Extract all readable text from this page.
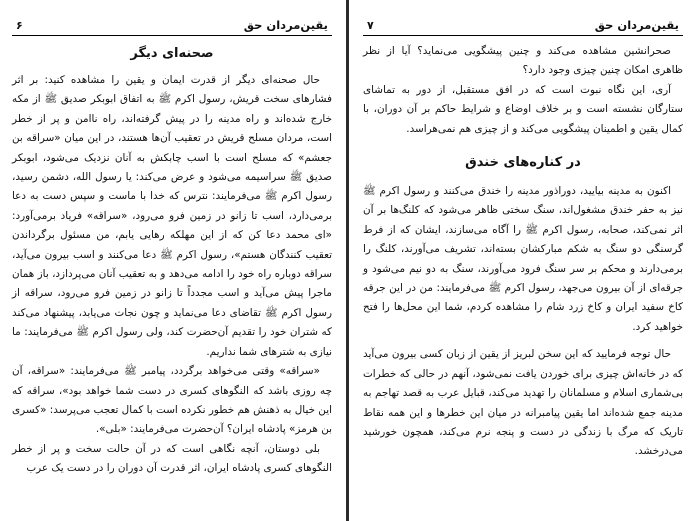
یقین‌مردان حق
۶
صحنه‌ای دیگر

حال صحنه‌ای دیگر از قدرت ایمان و یقین را مشاهده کنید: بر اثر فشارهای سخت قریش، رسول اکرم ﷺ به اتفاق ابوبکر صدیق ﷺ از مکه خارج شده‌اند و راه مدینه را در پیش گرفته‌اند، راه ناامن و پر از خطر است، مردان مسلح قریش در تعقیب آن‌ها هستند، در این میان «سراقه بن جعشم» که مسلح است با اسب چابکش به آنان نزدیک می‌شود، ابوبکر صدیق ﷺ سراسیمه می‌شود و عرض می‌کند: یا رسول الله، دشمن رسید، رسول اکرم ﷺ می‌فرمایند: نترس که خدا با ماست و سپس دست به دعا برمی‌دارد، اسب تا زانو در زمین فرو می‌رود، «سراقه» فریاد برمی‌آورد: «ای محمد دعا کن که از این مهلکه رهایی یابم، من مسئول برگرداندن تعقیب کنندگان هستم»، رسول اکرم ﷺ دعا می‌کنند و اسب بیرون می‌آید، سراقه دوباره راه خود را ادامه می‌دهد و به تعقیب آنان می‌پردازد، باز همان ماجرا پیش می‌آید و اسب مجدداً تا زانو در زمین فرو می‌رود، سراقه از رسول اکرم ﷺ تقاضای دعا می‌نماید و چون نجات می‌یابد، پیشنهاد می‌کند که شتران خود را تقدیم آن‌حضرت کند، ولی رسول اکرم ﷺ می‌فرمایند: ما نیازی به شترهای شما نداریم.

«سراقه» وقتی می‌خواهد برگردد، پیامبر ﷺ می‌فرمایند: «سراقه، آن چه روزی باشد که النگوهای کسری در دست شما خواهد بود»، سراقه که این خیال به ذهنش هم خطور نکرده است با کمال تعجب می‌پرسد: «کسری بن هرمز» پادشاه ایران؟ آن‌حضرت می‌فرمایند: «بلی».

بلی دوستان، آنچه نگاهی است که در آن حالت سخت و پر از خطر النگوهای کسری پادشاه ایران، اثر قدرت آن دوران را در دست یک عرب

یقین‌مردان حق
۷

صحرانشین مشاهده می‌کند و چنین پیشگویی می‌نماید؟ آیا از نظر ظاهری امکان چنین چیزی وجود دارد؟

آری، این نگاه نبوت است که در افق مستقبل، از دور به تماشای ستارگان نشسته است و بر خلاف اوضاع و شرایط حاکم بر آن دوران، با کمال یقین و اطمینان پیشگویی می‌کند و از چیزی هم نمی‌هراسد.

در کناره‌های خندق

اکنون به مدینه بیایید، دوراذور مدینه را خندق می‌کنند و رسول اکرم ﷺ نیز به حفر خندق مشغول‌اند، سنگ سختی ظاهر می‌شود که کلنگ‌ها بر آن اثر نمی‌کند، صحابه، رسول اکرم ﷺ را آگاه می‌سازند، ایشان که از فرط گرسنگی دو سنگ به شکم مبارکشان بسته‌اند، تشریف می‌آورند، کلنگ را برمی‌دارند و محکم بر سر سنگ فرود می‌آورند، سنگ به دو نیم می‌شود و جرقه‌ای از آن بیرون می‌جهد، رسول اکرم ﷺ می‌فرمایند: من در این جرقه کاخ سفید ایران و کاخ زرد شام را مشاهده کردم، شما این محل‌ها را فتح خواهید کرد.

حال توجه فرمایید که این سخن لبریز از یقین از زبان کسی بیرون می‌آید که در خانه‌اش چیزی برای خوردن یافت نمی‌شود، آنهم در حالی که خطرات بی‌شماری اسلام و مسلمانان را تهدید می‌کند، قبایل عرب به قصد تهاجم به مدینه جمع شده‌اند اما یقین پیامبرانه در میان این خطرها و این همه نقاط تاریک که مرگ با زندگی در دست و پنجه نرم می‌کند، همچون خورشید می‌درخشد.
